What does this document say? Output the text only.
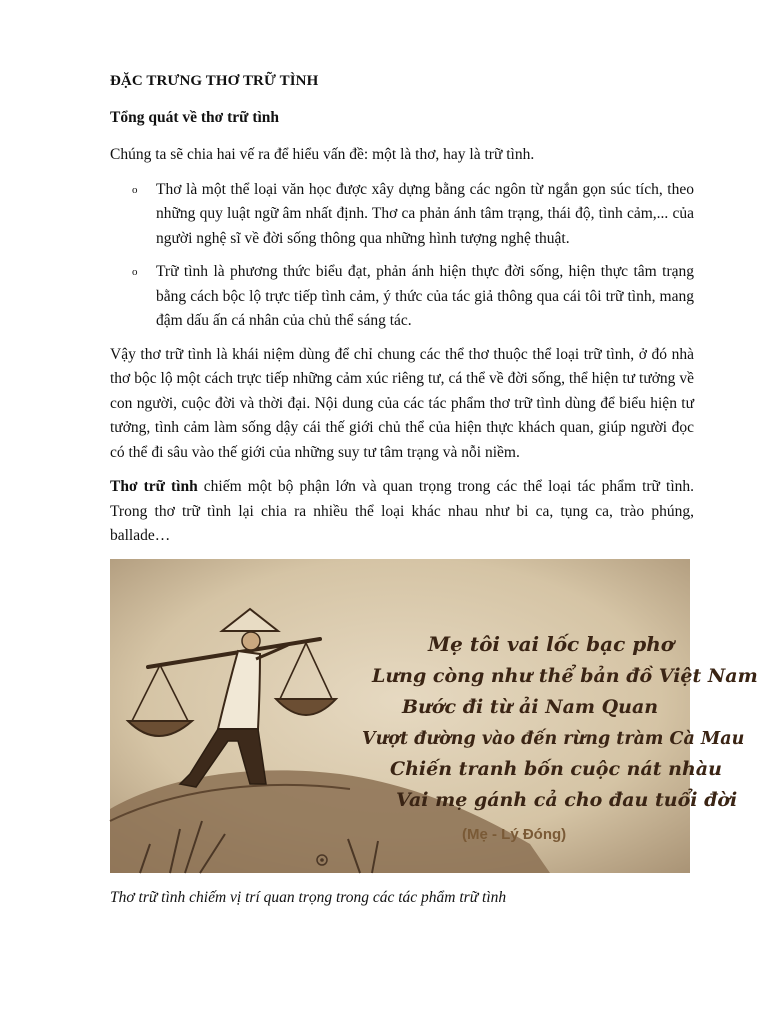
ĐẶC TRƯNG THƠ TRỮ TÌNH
Tổng quát về thơ trữ tình

Chúng ta sẽ chia hai vế ra để hiểu vấn đề: một là thơ, hay là trữ tình.

o Thơ là một thể loại văn học được xây dựng bằng các ngôn từ ngắn gọn súc tích, theo những quy luật ngữ âm nhất định. Thơ ca phản ánh tâm trạng, thái độ, tình cảm,... của người nghệ sĩ về đời sống thông qua những hình tượng nghệ thuật.
o Trữ tình là phương thức biểu đạt, phản ánh hiện thực đời sống, hiện thực tâm trạng bằng cách bộc lộ trực tiếp tình cảm, ý thức của tác giả thông qua cái tôi trữ tình, mang đậm dấu ấn cá nhân của chủ thể sáng tác.

Vậy thơ trữ tình là khái niệm dùng để chỉ chung các thể thơ thuộc thể loại trữ tình, ở đó nhà thơ bộc lộ một cách trực tiếp những cảm xúc riêng tư, cá thể về đời sống, thể hiện tư tưởng về con người, cuộc đời và thời đại. Nội dung của các tác phẩm thơ trữ tình dùng để biểu hiện tư tưởng, tình cảm làm sống dậy cái thế giới chủ thể của hiện thực khách quan, giúp người đọc có thể đi sâu vào thế giới của những suy tư tâm trạng và nỗi niềm.

Thơ trữ tình chiếm một bộ phận lớn và quan trọng trong các thể loại tác phẩm trữ tình. Trong thơ trữ tình lại chia ra nhiều thể loại khác nhau như bi ca, tụng ca, trào phúng, ballade…

Mẹ tôi vai lốc bạc phơ
Lưng còng như thể bản đồ Việt Nam
Bước đi từ ải Nam Quan
Vượt đường vào đến rừng tràm Cà Mau
Chiến tranh bốn cuộc nát nhàu
Vai mẹ gánh cả cho đau tuổi đời
(Mẹ - Lý Đóng)
Thơ trữ tình chiếm vị trí quan trọng trong các tác phẩm trữ tình
